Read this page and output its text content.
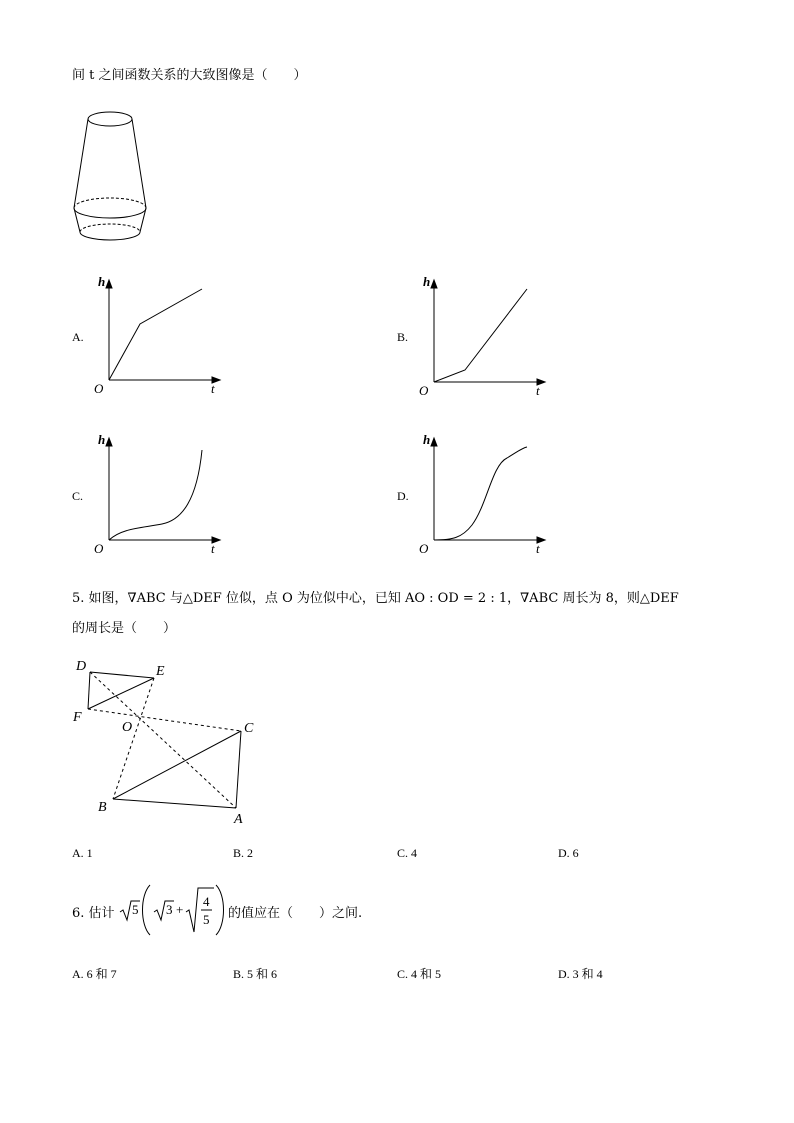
间 t 之间函数关系的大致图像是（　　）
A.
h
O	t
B.
h
O	t
C.
h
O	t
D.
h
O	t
5. 如图，∇ABC 与△DEF 位似，点 O 为位似中心，已知 AO : OD = 2 : 1，∇ABC 周长为 8，则△DEF
的周长是（　　）
D	E
F
O	C
B
A
A. 1	B. 2	C. 4	D. 6
6. 估计 5 3 +
4
5 的值应在（　　）之间.
A. 6 和 7	B. 5 和 6	C. 4 和 5	D. 3 和 4
